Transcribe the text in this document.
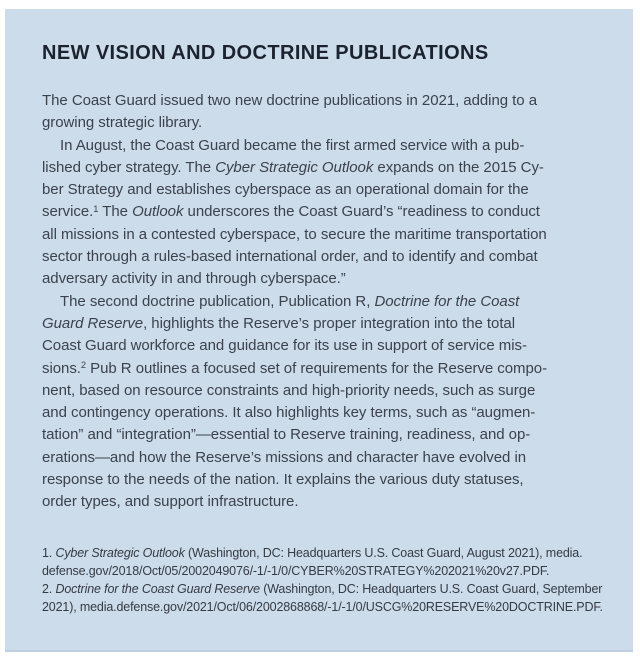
NEW VISION AND DOCTRINE PUBLICATIONS
The Coast Guard issued two new doctrine publications in 2021, adding to a
growing strategic library.
In August, the Coast Guard became the first armed service with a pub-
lished cyber strategy. The Cyber Strategic Outlook expands on the 2015 Cy-
ber Strategy and establishes cyberspace as an operational domain for the
service.$^1$ The Outlook underscores the Coast Guard’s “readiness to conduct
all missions in a contested cyberspace, to secure the maritime transportation
sector through a rules-based international order, and to identify and combat
adversary activity in and through cyberspace.”
The second doctrine publication, Publication R, Doctrine for the Coast
Guard Reserve, highlights the Reserve’s proper integration into the total
Coast Guard workforce and guidance for its use in support of service mis-
sions.$^2$ Pub R outlines a focused set of requirements for the Reserve compo-
nent, based on resource constraints and high-priority needs, such as surge
and contingency operations. It also highlights key terms, such as “augmen-
tation” and “integration”—essential to Reserve training, readiness, and op-
erations—and how the Reserve’s missions and character have evolved in
response to the needs of the nation. It explains the various duty statuses,
order types, and support infrastructure.
1. Cyber Strategic Outlook (Washington, DC: Headquarters U.S. Coast Guard, August 2021), media.
defense.gov/2018/Oct/05/2002049076/-1/-1/0/CYBER%20STRATEGY%202021%20v27.PDF.
2. Doctrine for the Coast Guard Reserve (Washington, DC: Headquarters U.S. Coast Guard, September
2021), media.defense.gov/2021/Oct/06/2002868868/-1/-1/0/USCG%20RESERVE%20DOCTRINE.PDF.
